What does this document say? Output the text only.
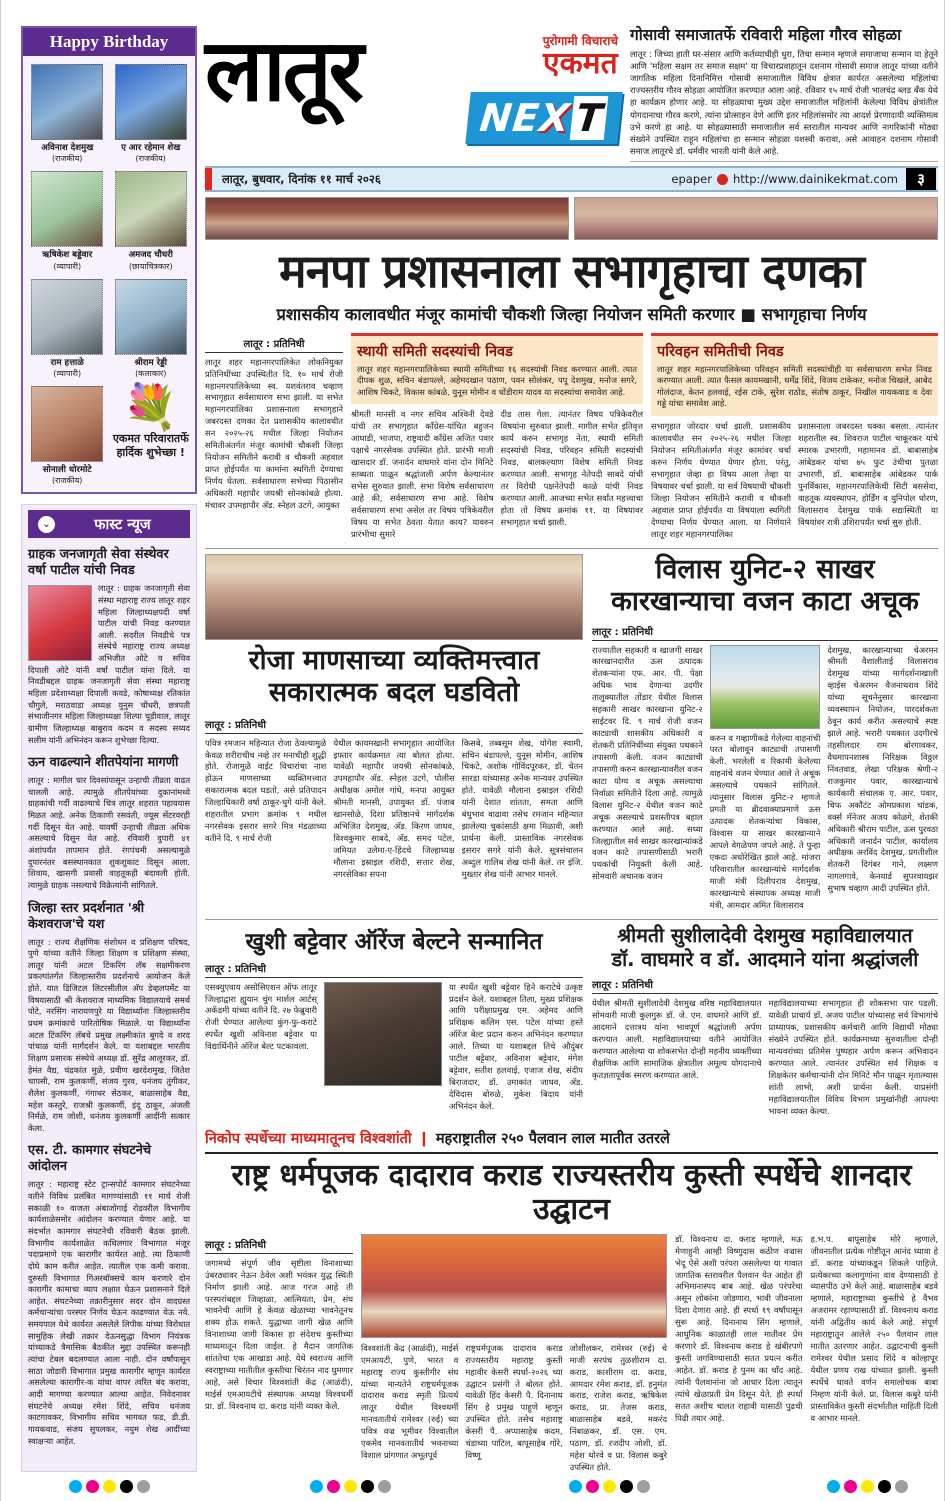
Happy Birthday
अविनाश देशमुख
(राजकीय)
ए आर रहेमान शेख
(राजकीय)
ऋषिकेश बड्डेवार
(व्यापारी)
अमजद चौधरी
(छायाचित्रकार)
राम हत्ताळे
(व्यापारी)
श्रीराम रेड्डी
(कलाकार)
सोनाली धोरमोटे
(राजकीय)
💐
एकमत परिवारातर्फे हार्दिक शुभेच्छा !
⌄	फास्ट न्यूज
ग्राहक जनजागृती सेवा संस्थेवर वर्षा पाटील यांची निवड
लातूर : ग्राहक जनजागृती सेवा संस्था महाराष्ट्र राज्य लातूर शहर महिला जिल्हाध्यक्षपदी वर्षा पाटील यांची निवड करण्यात आली. सदरील निवडीचे पत्र संस्थेचे महाराष्ट्र राज्य अध्यक्ष अभिजीत ओटे व सचिव दिपाली ओटे यांनी वर्षा पाटील यांना दिले. या निवडीबद्दल ग्राहक जनजागृती सेवा संस्था महाराष्ट्र महिला प्रदेशाध्यक्षा दिपाली कवडे, कोषाध्यक्ष रतिकांत चौगुले, मराठवाडा अध्यक्ष युनुस चौधरी, छत्रपती संभाजीनगर महिला जिल्हाध्यक्षा शिल्पा चूडीवाल, लातूर ग्रामीण जिल्हाध्यक्ष बाबुराव कदम व सदस्य सय्यद सलीम यांनी अभिनंदन करून शुभेच्छा दिल्या.
ऊन वाढल्याने शीतपेयांना मागणी
लातूर : मागील चार दिवसांपासून उन्हाची तीव्रता वाढत चालली आहे. त्यामुळे शीतपेयांच्या दुकानांमध्ये ग्राहकांची गर्दी वाढल्याचे चित्र लातूर शहरात पहावयास मिळत आहे. अनेक ठिकाणी रसवंती, ज्यूस सेंटरवरही गर्दी दिसून येत आहे. यावर्षी उन्हाची तीव्रता अधिक असल्याचे दिसून येत आहे. रविवारी दुपारी ४१ अंशांपर्यंत तापमान होते. रंगपंचमी असल्यामुळे दुपारनंतर बसस्थानकात शुकशुकाट दिसून आला. शिवाय, खासगी प्रवासी वाहतूकही बंदावली होती. त्यामुळे ग्राहक नसल्याचे विक्रेत्यांनी सांगितले.
जिल्हा स्तर प्रदर्शनात 'श्री केशवराज'चे यश
लातूर : राज्य शैक्षणिक संशोधन व प्रशिक्षण परिषद, पुणे यांच्या वतीने जिल्हा शिक्षण व प्रशिक्षण संस्था, लातूर यांनी अटल टिंकरिंग लॅब सक्षमीकरण प्रकल्पांतर्गत जिल्हास्तरीय प्रदर्शनाचे आयोजन केले होते. यात डिजिटल लिटरसीतील अ‍ॅप डेव्हलपमेंट या विषयासाठी श्री केशवराज माध्यमिक विद्यालयाचे समर्थ पोटे, नरसिंग नारायणपुरे या विद्यार्थ्यांना जिल्हास्तरीय प्रथम क्रमांकाचे पारितोषिक मिळाले. या विद्यार्थ्यांना अटल टिंकरिंग लॅबचे प्रमुख लक्ष्मीकांत बुगदे व शरद पांचाळ यांनी मार्गदर्शन केले. या यशाबद्दल भारतीय शिक्षण प्रसारक संस्थेचे अध्यक्ष डॉ. सुरेंद्र आलूरकर, डॉ. हेमंत वैद्य, चंद्रकांत मुळे, प्रवीण खरदेशमुख, जितेश चापसी, राम कुलकर्णी, संजय गुरव, धनंजय तुंगीकर, शैलेश कुलकर्णी, गंगाधर सेठकर, बाळासाहेब वैद्य, महेश कस्तुरे, राजश्री कुलकर्णी, इंदू ठाकूर, अंजली निर्मळे, राम जोशी, धनंजय कुलकर्णी आदींनी सत्कार केला.
एस. टी. कामगार संघटनेचे आंदोलन
लातूर : महाराष्ट्र स्टेट ट्रान्सपोर्ट कामगार संघटनेच्या वतीने विविध प्रलंबित मागण्यांसाठी ११ मार्च रोजी सकाळी १० वाजता अंबाजोगाई रोडवरील विभागीय कार्यशाळेसमोर आंदोलन करण्यात येणार आहे. या संदर्भात कामगार संघटनेची रविवारी बैठक झाली. विभागीय कार्यशाळेत कथिलगार विभागात मंजूर पदाप्रमाणे एक कारागीर कार्यरत आहे. त्या ठिकाणी दोघे काम करीत आहेत. त्यातील एक कमी करावा. दुरुस्ती विभागात गिअरबॉक्सचे काम करणारे दोन कारागीर कामाचा व्याप लक्षात घेऊन प्रशासनाने दिले आहेत. संघटनेच्या तक्रारीनुसार सदर दोन वादग्रस्त कर्मचाऱ्यांचा परस्पर निर्णय घेऊन काढण्यात येऊ नये. समयपाल येथे कार्यरत असलेले लिपीक यांच्या विरोधात सामुहिक लेखी तक्रार देऊनसुद्धा विभाग नियंत्रक यांच्याकडे त्रैमासिक बैठकीत मुद्दा उपस्थित करूनही त्यांचा टेबल बदलण्यात आला नाही. दोन वर्षांपासून साठा जोडारी विभागात प्रमुख कारागीर म्हणून कार्यरत असलेल्या कारागीर-क यांचा वापर त्वरित बंद करावा, आदी मागण्या करण्यात आल्या आहेत. निवेदनावर संघटनेचे अध्यक्ष रमेश शिंदे, सचिव धनंजय काटगावकर, विभागीय सचिव भागवत फड, डी.डी. गायकवाड, संजय सुपलकर, नयुम शेख आदींच्या स्वाक्षऱ्या आहेत.
लातूर	पुरोगामी विचाराचे
एकमत
NE
X T
गोसावी समाजातर्फे रविवारी महिला गौरव सोहळा
लातूर : जिच्या हाती घर-संसार आणि कर्तव्याचीही धुरा, तिचा सन्मान म्हणजे समाजाचा सन्मान या हेतूने आणि 'महिला सक्षम तर समाज सक्षम' या विचारप्रवाहातून दशनाम गोसावी समाज लातूर यांच्या वतीने जागतिक महिला दिनानिमित्त गोसावी समाजातील विविध क्षेत्रात कार्यरत असलेल्या महिलांचा राज्यस्तरीय गौरव सोहळा आयोजित करण्यात आला आहे. रविवार १५ मार्च रोजी भालचंद्र ब्लड बँक येथे हा कार्यक्रम होणार आहे. या सोहळ्याचा मुख्य उद्देश समाजातील महिलांनी केलेल्या विविध क्षेत्रांतील योगदानाचा गौरव करणे, त्यांना प्रोत्साहन देणे आणि इतर महिलांसमोर त्या आदर्श प्रेरणादायी व्यक्तिमत्व उभे करणे हा आहे. या सोहळ्यासाठी समाजातील सर्व स्तरातील मान्यवर आणि नागरिकांनी मोठ्या संख्येने उपस्थित राहून महिलांचा हा सन्मान सोहळा यशस्वी करावा, असे आवाहन दशनाम गोसावी समाज लातूरचे डॉ. धर्मवीर भारती यांनी केले आहे.
लातूर, बुधवार, दिनांक ११ मार्च २०२६	epaper http://www.dainikekmat.com	३
मनपा प्रशासनाला सभागृहाचा दणका
प्रशासकीय कालावधीत मंजूर कामांची चौकशी जिल्हा नियोजन समिती करणार ■ सभागृहाचा निर्णय
लातूर : प्रतिनिधी
लातूर शहर महानगरपालिकेत लोकनियुक्त प्रतिनिधींच्या उपस्थितीत दि. १० मार्च रोजी महानगरपालिकेच्या स्व. यशवंतराव चव्हाण सभागृहात सर्वसाधारण सभा झाली. या सभेत महानगरपालिका प्रशासनाला सभागृहाने जबरदस्त दणका देत प्रशासकीय कालावधीत सन २०२५-२६ मधील जिल्हा नियोजन समितीअंतर्गत मंजूर कामांची चौकशी जिल्हा नियोजन समितीने करावी व चौकशी अहवाल प्राप्त होईपर्यंत या कामांना स्थगिती देण्याचा निर्णय घेतला. सर्वसाधारण सभेच्या पिठासीन अधिकारी महापौर जयश्री सोनकांबळे होत्या. मंचावर उपमहापौर अ‍ॅड. स्नेहल उटगे, आयुक्त
स्थायी समिती सदस्यांची निवड
लातूर शहर महानगरपालिकेच्या स्थायी समितीच्या १६ सदस्यांची निवड करण्यात आली. त्यात दीपक शुळ, सचिन बंडापल्ले, अहेमदखान पठाण, पवन सोलंकर, पपू देशमुख, मनोज सगरे, आशिष चिकटे, विकास कांबळे, युनूस मोमीन व धोंडीराम यादव या सदस्यांचा समावेश आहे.
श्रीमती मानसी व नगर सचिव अश्विनी देवडे यांची तर सभागृहात काँग्रेस-यांचित बहुजन आघाडी, भाजपा, राष्ट्रवादी काँग्रेस अजित पवार पक्षाचे नगरसेवक उपस्थित होते. प्रारंभी माजी खासदार डॉ. जनार्दन वाघमारे यांना दोन मिनिटे स्तब्धता पाळून श्रद्धांजली अर्पण केल्यानंतर सभेस सुरुवात झाली. सभा विशेष सर्वसाधारण आहे की, सर्वसाधारण सभा आहे. विशेष सर्वसाधारण सभा असेल तर विषय पत्रिकेवरील विषय या सभेत ठेवता येतात काय? यावरुन प्रारंभीचा सुमारे
दीड तास गेला. त्यानंतर विषय पत्रिकेवरील विषयांना सुरुवात झाली. मागील सभेत इतिवृत्त कार्य करुन सभागृह नेता, स्थायी समिती सदस्यांची निवड, परिवहन समिती सदस्यांची निवड, बालकल्याण विशेष समिती निवड करण्यात आली. सभागृह नेतेपदी साबदे यांची तर विरोधी पक्षनेतेपदी काळे यांची निवड करण्यात आली. आजच्या सभेत सर्वांत महत्त्वाचा होता तो विषय क्रमांक ११. या विषयावर सभागृहात चर्चा झाली.
परिवहन समितीची निवड
लातूर शहर महानगरपालिकेच्या परिवहन समिती सदस्यांचीही या सर्वसाधारण सभेत निवड करण्यात आली. त्यात फैसल कायमखानी, धर्मेंद्र शिंदे, विजय टाकेकर, मनोज चिखले, आबेद गोलंदाज, केतन हलवाई, रईस टाके, सुरेश राठोड, संतोष ठाकूर, निखील गायकवाड व देवा गड्डे यांचा समावेश आहे.
सभागृहात जोरदार चर्चा झाली. प्रशासकीय कालावधीत सन २०२५-२६ मधील जिल्हा नियोजन समितीअंतर्गत मंजूर कामांवर चर्चा करुन निर्णय घेण्यात येणार होता. परंतु, सभागृहात जेव्हा हा विषय आला तेव्हा या विषयावर चर्चा झाली. या सर्व विषयाची चौकशी जिल्हा नियोजन समितीने करावी व चौकशी अहवाल प्राप्त होईपर्यंत या विषयाला स्थगिती देण्याचा निर्णय घेण्यात आला. या निर्णयाने लातूर शहर महानगरपालिका
प्रशासनाला जबरदस्त धक्का बसला. त्यानंतर शहरातील स्व. शिवराज पाटील चाकूरकर यांचे स्मारक उभारणी, महामानव डॉ. बाबासाहेब आंबेडकर यांचा ७५ फुट उंचीचा पुतळा उभारणी, डॉ. बाबासाहेब आंबेडकर पार्क पुनर्विकास, महानगरपालिकेची सिटी बससेवा, वाहतूक व्यवस्थापन, होर्डिंग व युनिपोल धोरण, विलासराव देशमुख पार्क सद्यःस्थिती या विषयांवर रात्री उशिरापर्यंत चर्चा सुरु होती.
रोजा माणसाच्या व्यक्तिमत्त्वात सकारात्मक बदल घडवितो
लातूर : प्रतिनिधी
पवित्र रमजान महिन्यात रोजा ठेवल्यामुळे केवळ शरीराचीच नव्हे तर मनाचीही शुद्धी होते. रोजामुळे वाईट विचारांचा नाश होऊन माणसाच्या व्यक्तिमत्त्वात सकारात्मक बदल घडतो, असे प्रतिपादन जिल्हाधिकारी वर्षा ठाकूर-घुगे यांनी केले. शहरातील प्रभाग क्रमांक ९ मधील नगरसेवक इसरार सगरे मित्र मंडळाच्या वतीने दि. ९ मार्च रोजी
येथील कायमखानी सभागृहात आयोजित इफ्तार कार्यक्रमात त्या बोलत होत्या. यावेळी महापौर जयश्री सोनकांबळे, उपमहापौर अ‍ॅड. स्नेहल उटगे, पोलीस अधीक्षक अमोल गांधे, मनपा आयुक्त श्रीमती मानसी, उपायुक्त डॉ. पंजाब खानसोळे, दिशा प्रतिष्ठानचे मार्गदर्शक अभिजित देशमुख, अ‍ॅड. किरण जाधव, विश्वकुमार साबदे, अ‍ॅड. समद पटेल, जमियत उलेमा-ए-हिंदचे जिल्हाध्यक्ष मौलाना इस्राइल रशिदी, सत्तार शेख, नगरसेविका सपना
किसबे, तब्बसूम शेख, योगेश स्वामी, सचिन बंडापल्ले, युनूस मोमीन, आशिष चिकटे, अशोक गोविंदपूरकर, डॉ. चेतन सारडा यांच्यासह अनेक मान्यवर उपस्थित होते. यावेळी मौलाना इस्राइल रशिदी यांनी देशात शांतता, समता आणि बंधुभाव वाढावा तसेच रमजान महिन्यात झालेल्या चुकांसाठी क्षमा मिळावी, अशी प्रार्थना केली. प्रास्ताविक नगरसेवक इसरार सगरे यांनी केले. सूत्रसंचालन अब्दुल गालिब शेख यांनी केले. तर इंजि. मुख्तार शेख यांनी आभार मानले.
विलास युनिट-२ साखर कारखान्याचा वजन काटा अचूक
लातूर : प्रतिनिधी
राज्यातील सहकारी व खाजगी साखर कारखानदारीत ऊस उत्पादक शेतकऱ्यांना एफ. आर. पी. पेक्षा अधिक भाव देणाऱ्या उदगीर तालुक्यातील तोंडार येथील विलास सहकारी साखर कारखाना युनिट-२ साईटवर दि. ९ मार्च रोजी वजन काट्याची शासकीय अधिकारी व शेतकरी प्रतिनिधींच्या संयुक्त पथकाने तपासणी केली. वजन काट्याची तपासणी करुन कारखान्यावरील वजन काटा योग्य व अचूक असल्याचा निर्वाळा समितीने दिला आहे. त्यामुळे विलास युनिट-२ येथील वजन काटे अचूक असल्याचे प्रशस्तीपत्र बहाल करण्यात आले आहे. सध्या जिल्ह्यातील सर्व साखर कारखान्यांकडे वजन काटे तपासणीसाठी भरारी पथकांची नियुक्ती केली आहे. सोमवारी अचानक वजन
करुन व गव्हाणीकडे गेलेल्या वाहनांची परत बोलावून काट्याची तपासणी केली. भरलेली व रिकामी केलेल्या वाहनांचे वजन घेण्यात आले ते अचूक असल्याचे पथकाने सांगितले. त्यानुसार विलास युनिट-२ म्हणजे प्रगती या ब्रीदवाक्याप्रमाणे ऊस उत्पादक शेतकऱ्यांचा विकास, विश्वास या साखर कारखान्याने आपले वेगळेपण जपले आहे. ते पुन्हा एकदा अधोरेखित झाले आहे. मांजरा परिवारातील कारखान्यांचे मार्गदर्शक माजी मंत्री दिलीपराव देशमुख, कारखान्याचे संस्थापक अध्यक्ष माजी मंत्री, आमदार अमित विलासराव
देशमुख, कारखान्याच्या चेअरमन श्रीमती वैशालीताई विलासराव देशमुख यांच्या मार्गदर्शनाखाली व्हाईस चेअरमन वैजनाथराव शिंदे यांच्या सूचनेनुसार कारखाना व्यवस्थापन नियोजन, पारदर्शकता ठेवून कार्य करीत असल्याचे स्पष्ट झाले आहे. भरारी पथकात उदगीरचे तहसीलदार राम बोरगावकर, वैधमापनशास्त्र निरिक्षक विठ्ठल निंवतवाड, लेखा परिक्षक श्रेणी-२ राजकुमार पवार, कारखान्याचे कार्यकारी संचालक ए. आर. पवार, चिफ अकौंटंट ओमप्रकाश चांडक, वर्क्स मॅनेजर अजय कोळगे, शेतकी अधिकारी श्रीराम पाटील, ऊस पुरवठा अधिकारी जनार्दन पाटील, कार्यालय अधीक्षक अरविंद देशमुख, प्रगतीशील शेतकरी दिगंबर गाने, लक्ष्मण नागलगावे, केनयार्ड सुपरवायझर सुभाष चव्हाण आदी उपस्थित होते.
खुशी बट्टेवार ऑरेंज बेल्टने सन्मानित
लातूर : प्रतिनिधी
एसक्युएवाय असोसिएशन ऑफ लातूर जिल्हाद्वारा ह्युयान चुंग मार्शल आर्टस् अकॅडमी यांच्या वतीने दि. २७ फेब्रुवारी रोजी घेण्यात आलेल्या कुंग-फु-कराटे स्पर्धेत खुशी अविनाश बट्टेवार या विद्यार्थिनीने ऑरेंज बेल्ट पटकावला.
या स्पर्धेत खुशी बट्टेवार हिने कराटेचे उत्कृष्ट प्रदर्शन केले. यशाबद्दल तिला, मुख्य प्रशिक्षक आणि परीक्षाप्रमुख एम. अहेमद आणि प्रशिक्षक कलिम एस. पटेल यांच्या हस्ते ऑरेंज बेल्ट प्रदान करुन अभिनंदन करण्यात आले. तिच्या या यशाबद्दल तिचे औदुंबर पाटील बट्टेवार, अविनाश बट्टेवार, मंगेश बट्टेवार, सतीश हलवाई, एजाज शेख, संदीप बिराजदार, डॉ. उमाकांत जाधव, अ‍ॅड. देविदास बोरुळे, मुकेश बिदाय यांनी अभिनंदन केले.
श्रीमती सुशीलादेवी देशमुख महाविद्यालयात
डॉ. वाघमारे व डॉ. आदमाने यांना श्रद्धांजली
लातूर : प्रतिनिधी
येथील श्रीमती सुशीलादेवी देशमुख वरिष्ठ महाविद्यालयात सोमवारी माजी कुलगुरू डॉ. जे. एम. वाघमारे आणि डॉ. आदमाने दत्तात्रय यांना भावपूर्ण श्रद्धांजली अर्पण करण्यात आली. महाविद्यालयाच्या वतीने आयोजित करण्यात आलेल्या या शोकसभेत दोन्ही महनीय व्यक्तींच्या शैक्षणिक आणि सामाजिक क्षेत्रातील अमूल्य योगदानाचे कृतज्ञतापूर्वक स्मरण करण्यात आले.
महाविद्यालयाच्या सभागृहात ही शोकसभा पार पडली. यावेळी प्राचार्य डॉ. अजय पाटील यांच्यासह सर्व विभागांचे प्राध्यापक, प्रशासकीय कर्मचारी आणि विद्यार्थी मोठ्या संख्येने उपस्थित होते. कार्यक्रमाच्या सुरुवातीला दोन्ही मान्यवरांच्या प्रतिमेस पुष्पहार अर्पण करून अभिवादन करण्यात आले. त्यानंतर उपस्थित सर्व शिक्षक व शिक्षकेतर कर्मचाऱ्यांनी दोन मिनिटे मौन पाळून मृतात्म्यास शांती लाभो, अशी प्रार्थना केली. याप्रसंगी महाविद्यालयातील विविध विभाग प्रमुखांनीही आपल्या भावना व्यक्त केल्या.
निकोप स्पर्धेच्या माध्यमातूनच विश्वशांती ❙ महराष्ट्रातील २५० पैलवान लाल मातीत उतरले
राष्ट्र धर्मपूजक दादाराव कराड राज्यस्तरीय कुस्ती स्पर्धेचे शानदार उद्घाटन
लातूर : प्रतिनिधी
जगामध्ये संपूर्ण जीव सृष्टीला विनाशाच्या उंबरठ्यावर नेऊन ठेवेल अशी भयंकर युद्ध स्थिती निर्माण झाली आहे. आज गरज आहे ती परस्परांबद्दल जिव्हाळा, आत्मियता, प्रेम, संघ भावनेची आणि हे केवळ खेळाच्या भावनेतूनच शक्य होऊ शकते. युद्धाच्या जागी खेळ आणि विनाशाच्या जागी विकास हा संदेशच कुस्तीच्या माध्यमातून दिला जाईल. हे मैदान जागतिक शांततेचा एक आखाडा आहे. येथे स्वराज्य आणि स्वराष्ट्राच्या मातीतील कुस्तीचा चिरंतन नाद घुमणार आहे, असे विचार विश्वशांती केंद्र (आळंदी), माईर्स एमआयटीचे संस्थापक अध्यक्ष विश्वधर्मी प्रा. डॉ. विश्वनाथ दा. कराड यांनी व्यक्त केले.
विश्वशांती केंद्र (आळंदी), माईर्स एमआयटी, पुणे, भारत व महाराष्ट्र राज्य कुस्तीगीर संघ यांच्या मान्यतेने राष्ट्रधर्मपूजक दादाराव कराड स्मृती प्रित्यर्थ लातूर येथील विश्वधर्मी मानवतातीर्थ रामेश्वर (रुई) च्या पवित्र वज्र भूमीवर विश्वातील एकमेव मानवतातीर्थ भवनाच्या विशाल प्रांगणात अभूतपूर्व
राष्ट्रधर्मपूजक दादाराव कराड राज्यस्तरीय महाराष्ट्र कुस्ती महावीर केसरी स्पर्धा-२०२६ च्या उद्घाटन प्रसंगी ते बोलत होते. यावेळी हिंद केसरी पै. दिनानाथ सिंग हे प्रमुख पाहुणे म्हणून उपस्थित होते. तसेच महाराष्ट्र केसरी पै. अप्पासाहेब कदम, चंडाच्या पाटिल, बापूसाहेब गोरे, विष्णू
जोशीलकर, रामेश्वर (रुई) चे माजी सरपंच तुळशीराम दा. कराड, काशीराम दा. कराड, आमदार रमेश कराड, डॉ. हनुमंत कराड, राजेश कराड, ऋषिकेश कराड, प्रा. तेजस कराड, बाळासाहेब बडवे, मकरंद निंबाळकर, डॉ. एस. एम. पठाण, डॉ. रजदीप जोशी, डॉ. महेश थोरवे व प्रा. विलास कबुरे उपस्थित होते.
डॉ. विश्वनाथ दा. कराड म्हणाले, मऊ मेणाहुनी आम्ही विष्णुदास कठीण वज्रास भेदू ऐसे अशी परंपरा असलेल्या या गावात जागतिक स्तरावरील पैलवान येत आहेत ही अभिमानास्पद बाब आहे. खेळ परंपरेचा असून लोकांना जोडणारा, भावी जीवनाला दिशा देणारा आहे. ही स्पर्धा १९ वर्षांपासून सुरू आहे. दिनानाथ सिंग म्हणाले, आधुनिक काळातही लाल मातीवर प्रेम करणारे डॉ. विश्वनाथ कराड हे खंबीरपणे कुस्ती जगविण्यासाठी सतत प्रयत्न करीत आहेत. डॉ. कराड हे पुनम का चाँद आहे. त्यांनी पैलवानांना जो आधार दिला त्यातून त्यांचे खेळाप्रती प्रेम दिसून येते. ही स्पर्धा सतत अशीच चालत राहावी यासाठी पुढची पिढी तयार आहे.
ह.भ.प. बापूसाहेब मोरे म्हणाले, जीवनातील प्रत्येक गोष्टीतून आनंद घ्यावा हे डॉ. कराड यांच्याकडून शिकले पाहिजे. प्रत्येकाच्या कलागुणांना वाव देण्यासाठी हे व्यासपीठ उभे केले आहे. बाळासाहेब बडवे म्हणाले, महाराष्ट्राच्या कुस्तीचे हे वैभव अजरामर रहाण्यासाठी डॉ. विश्वनाथ कराड यांनी अद्वितीय कार्य केले आहे. संपूर्ण महाराष्ट्रातून आलेले २५० पैलवान लाल मातीत उतरणार आहेत. उद्घाटनाची कुस्ती रामेश्वर येथील प्रसाद शिंदे व कोल्हापूर येथील प्रणय राख यांच्यात झाली. कुस्ती स्पर्धेचे धावते वर्णन समालोचक बाबा निम्हण यांनी केले. प्रा. विलास कबुरे यांनी प्रास्ताविकेत कुस्ती संदर्भातील माहिती दिली व आभार मानले.
